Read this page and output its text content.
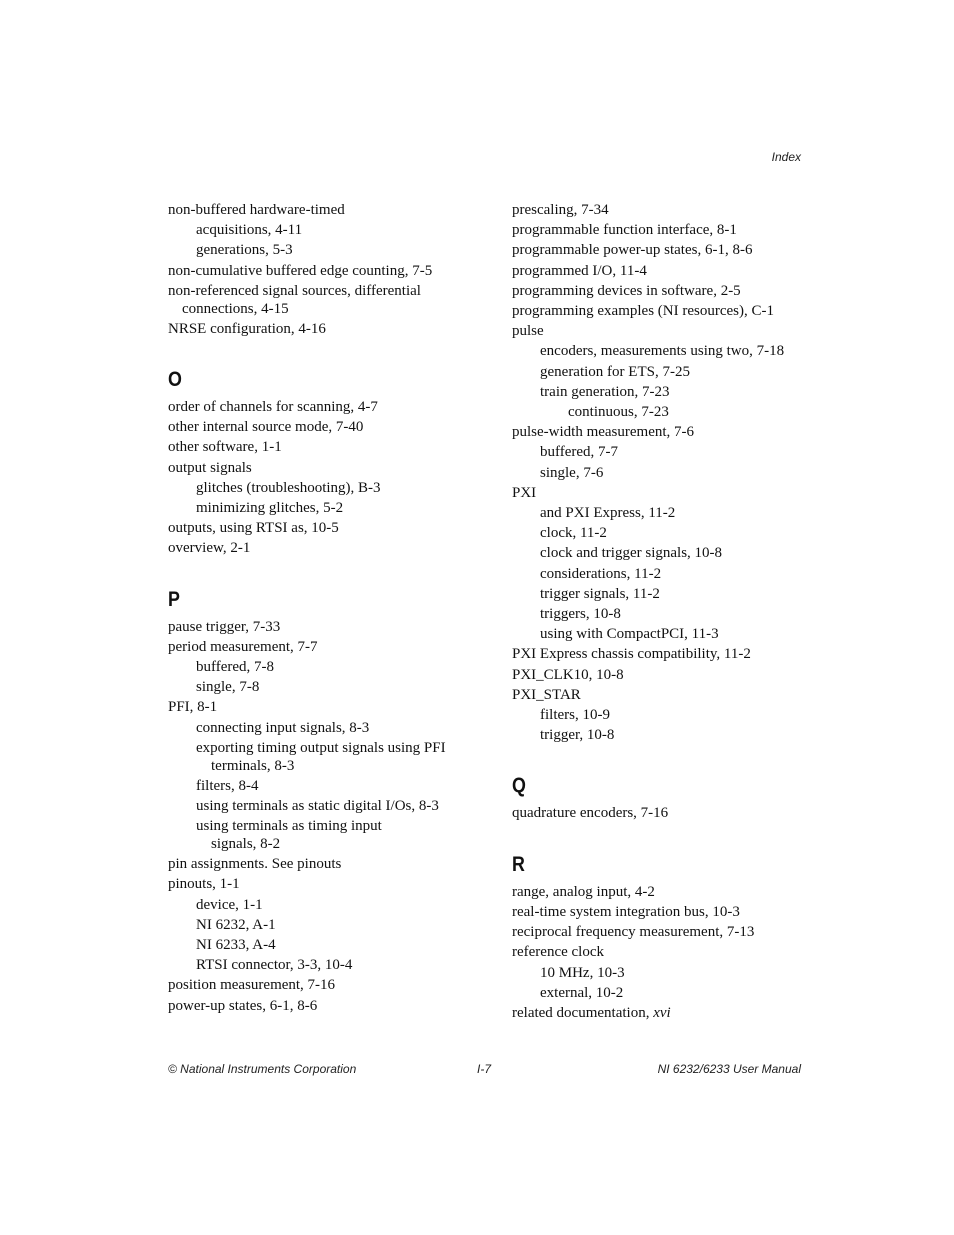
Index
non-buffered hardware-timed
acquisitions, 4-11
generations, 5-3
non-cumulative buffered edge counting, 7-5
non-referenced signal sources, differential
connections, 4-15
NRSE configuration, 4-16
O
order of channels for scanning, 4-7
other internal source mode, 7-40
other software, 1-1
output signals
glitches (troubleshooting), B-3
minimizing glitches, 5-2
outputs, using RTSI as, 10-5
overview, 2-1
P
pause trigger, 7-33
period measurement, 7-7
buffered, 7-8
single, 7-8
PFI, 8-1
connecting input signals, 8-3
exporting timing output signals using PFI
terminals, 8-3
filters, 8-4
using terminals as static digital I/Os, 8-3
using terminals as timing input
signals, 8-2
pin assignments. See pinouts
pinouts, 1-1
device, 1-1
NI 6232, A-1
NI 6233, A-4
RTSI connector, 3-3, 10-4
position measurement, 7-16
power-up states, 6-1, 8-6
prescaling, 7-34
programmable function interface, 8-1
programmable power-up states, 6-1, 8-6
programmed I/O, 11-4
programming devices in software, 2-5
programming examples (NI resources), C-1
pulse
encoders, measurements using two, 7-18
generation for ETS, 7-25
train generation, 7-23
continuous, 7-23
pulse-width measurement, 7-6
buffered, 7-7
single, 7-6
PXI
and PXI Express, 11-2
clock, 11-2
clock and trigger signals, 10-8
considerations, 11-2
trigger signals, 11-2
triggers, 10-8
using with CompactPCI, 11-3
PXI Express chassis compatibility, 11-2
PXI_CLK10, 10-8
PXI_STAR
filters, 10-9
trigger, 10-8
Q
quadrature encoders, 7-16
R
range, analog input, 4-2
real-time system integration bus, 10-3
reciprocal frequency measurement, 7-13
reference clock
10 MHz, 10-3
external, 10-2
related documentation, xvi
© National Instruments Corporation	I-7	NI 6232/6233 User Manual
